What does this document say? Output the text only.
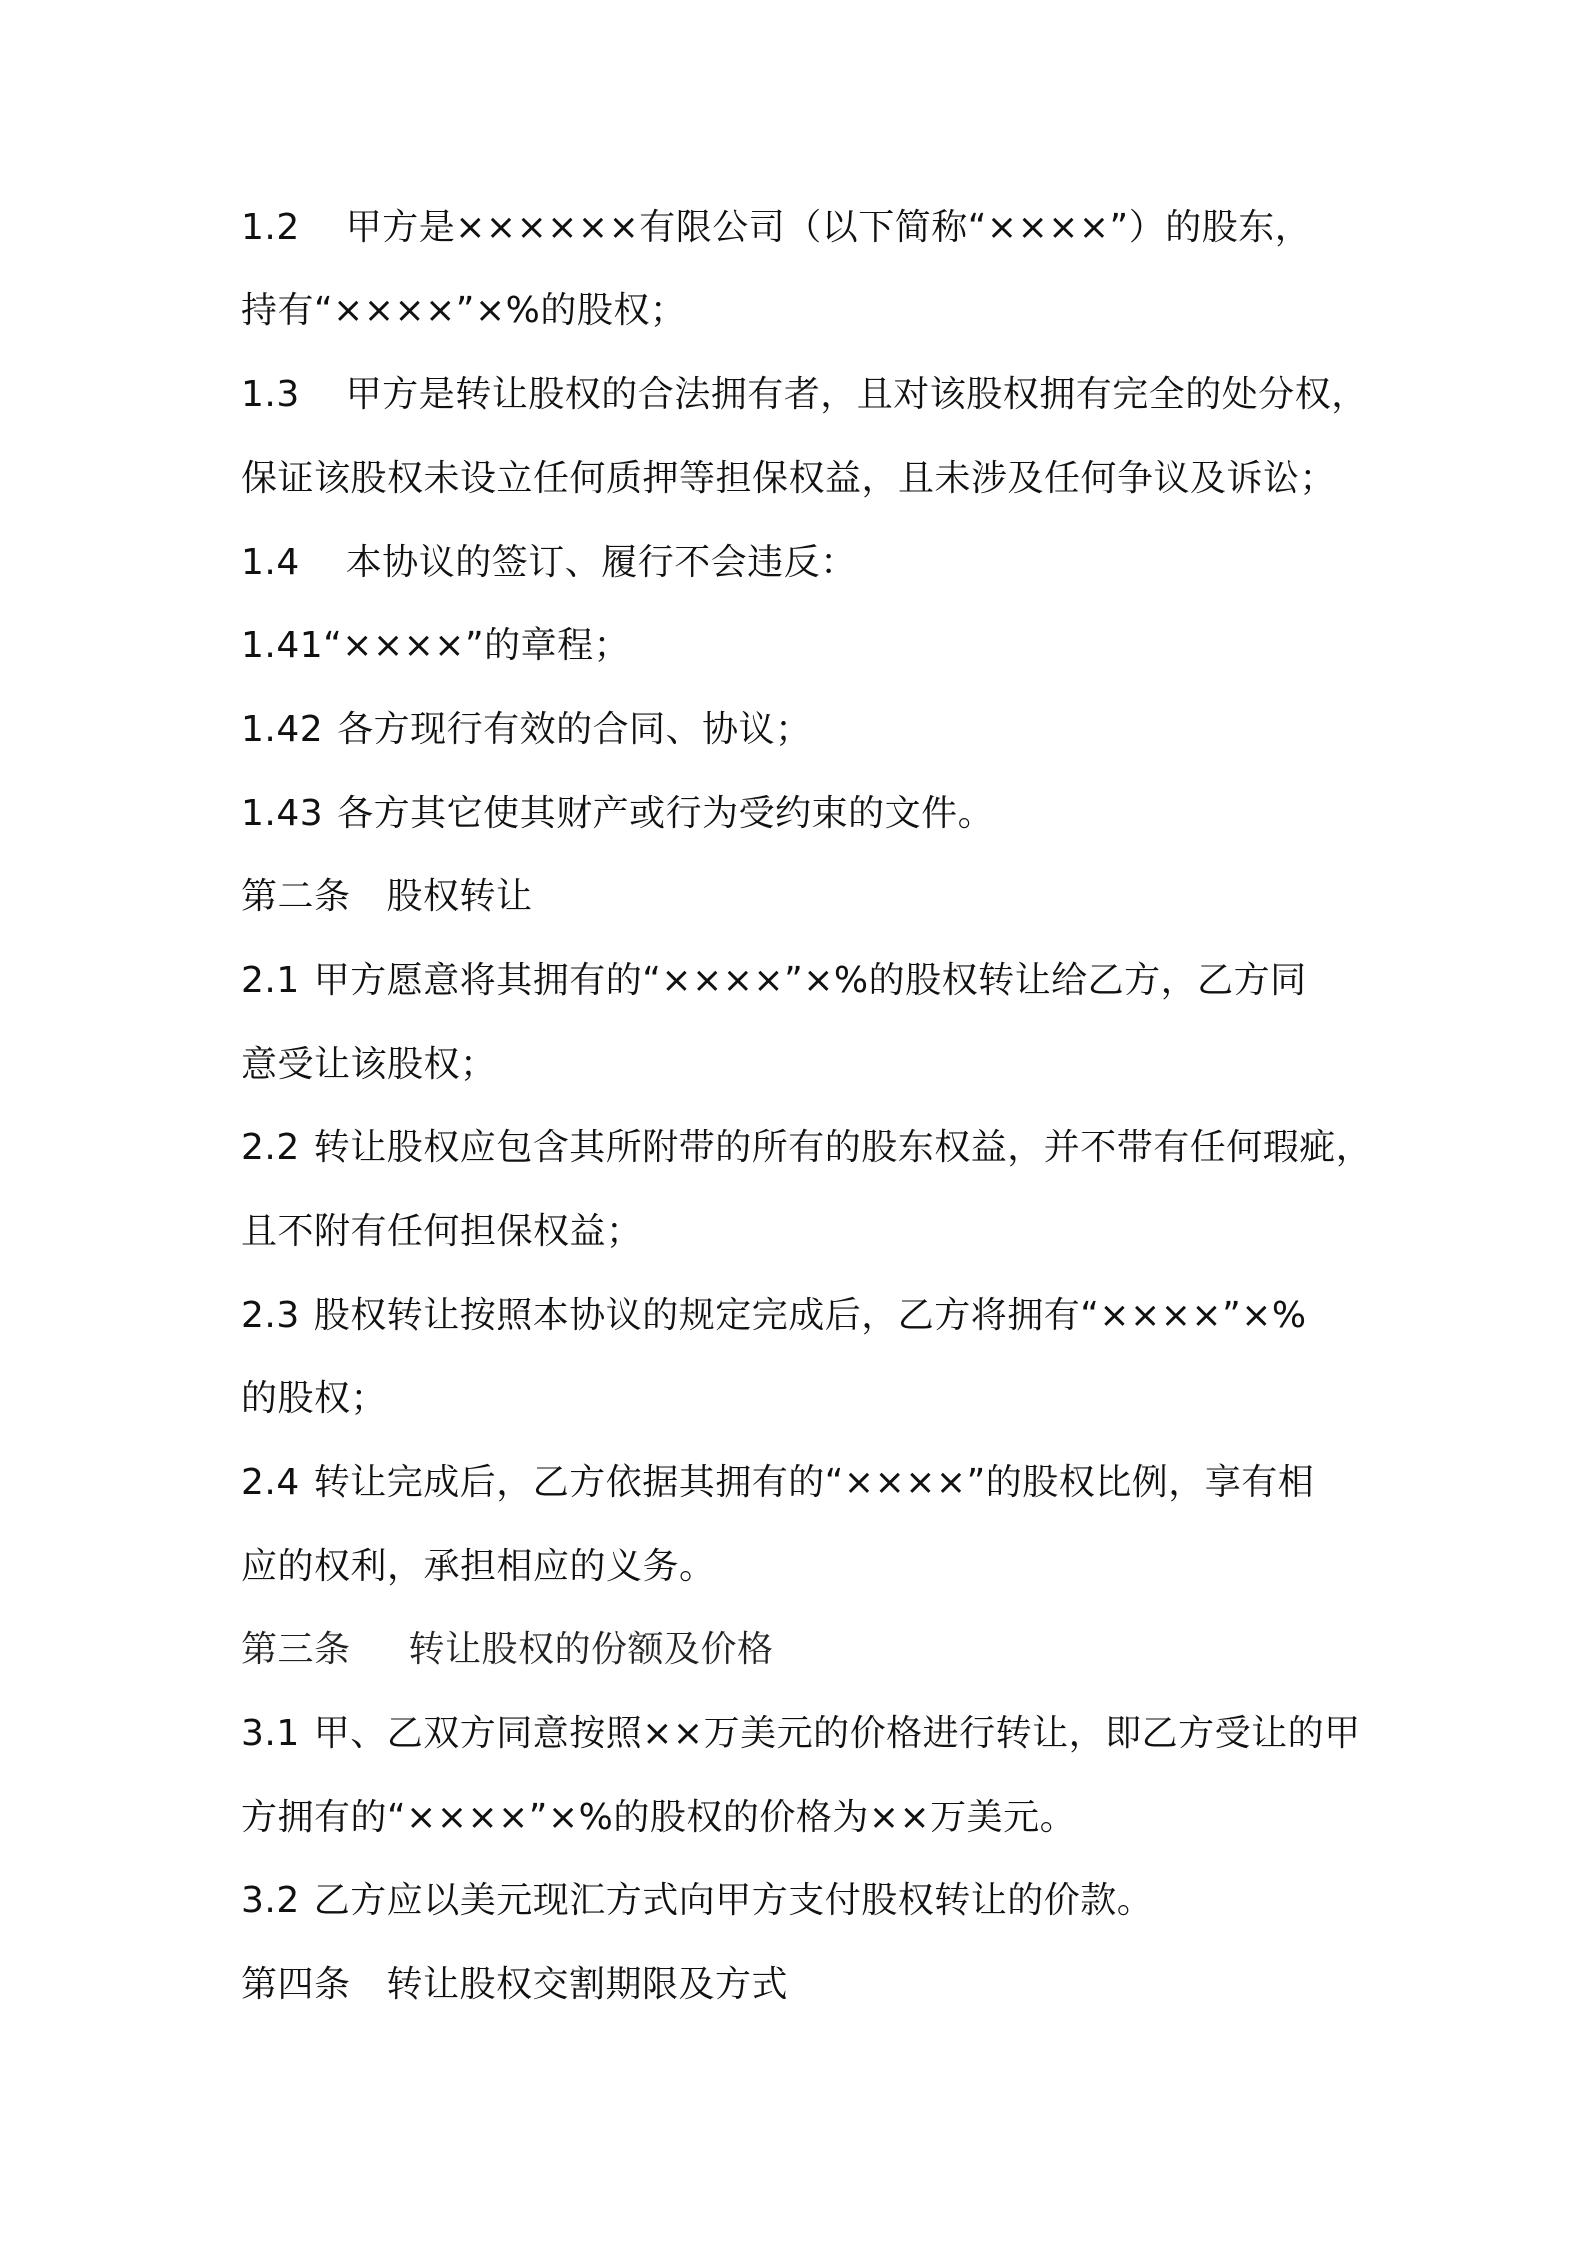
1.2 甲方是××××××有限公司（以下简称“××××”）的股东，
持有“××××”×%的股权；
1.3 甲方是转让股权的合法拥有者，且对该股权拥有完全的处分权，
保证该股权未设立任何质押等担保权益，且未涉及任何争议及诉讼；
1.4 本协议的签订、履行不会违反：
1.41“××××”的章程；
1.42 各方现行有效的合同、协议；
1.43 各方其它使其财产或行为受约束的文件。
第二条 股权转让
2.1 甲方愿意将其拥有的“××××”×%的股权转让给乙方，乙方同
意受让该股权；
2.2 转让股权应包含其所附带的所有的股东权益，并不带有任何瑕疵，
且不附有任何担保权益；
2.3 股权转让按照本协议的规定完成后，乙方将拥有“××××”×%
的股权；
2.4 转让完成后，乙方依据其拥有的“××××”的股权比例，享有相
应的权利，承担相应的义务。
第三条 转让股权的份额及价格
3.1 甲、乙双方同意按照××万美元的价格进行转让，即乙方受让的甲
方拥有的“××××”×%的股权的价格为××万美元。
3.2 乙方应以美元现汇方式向甲方支付股权转让的价款。
第四条 转让股权交割期限及方式
